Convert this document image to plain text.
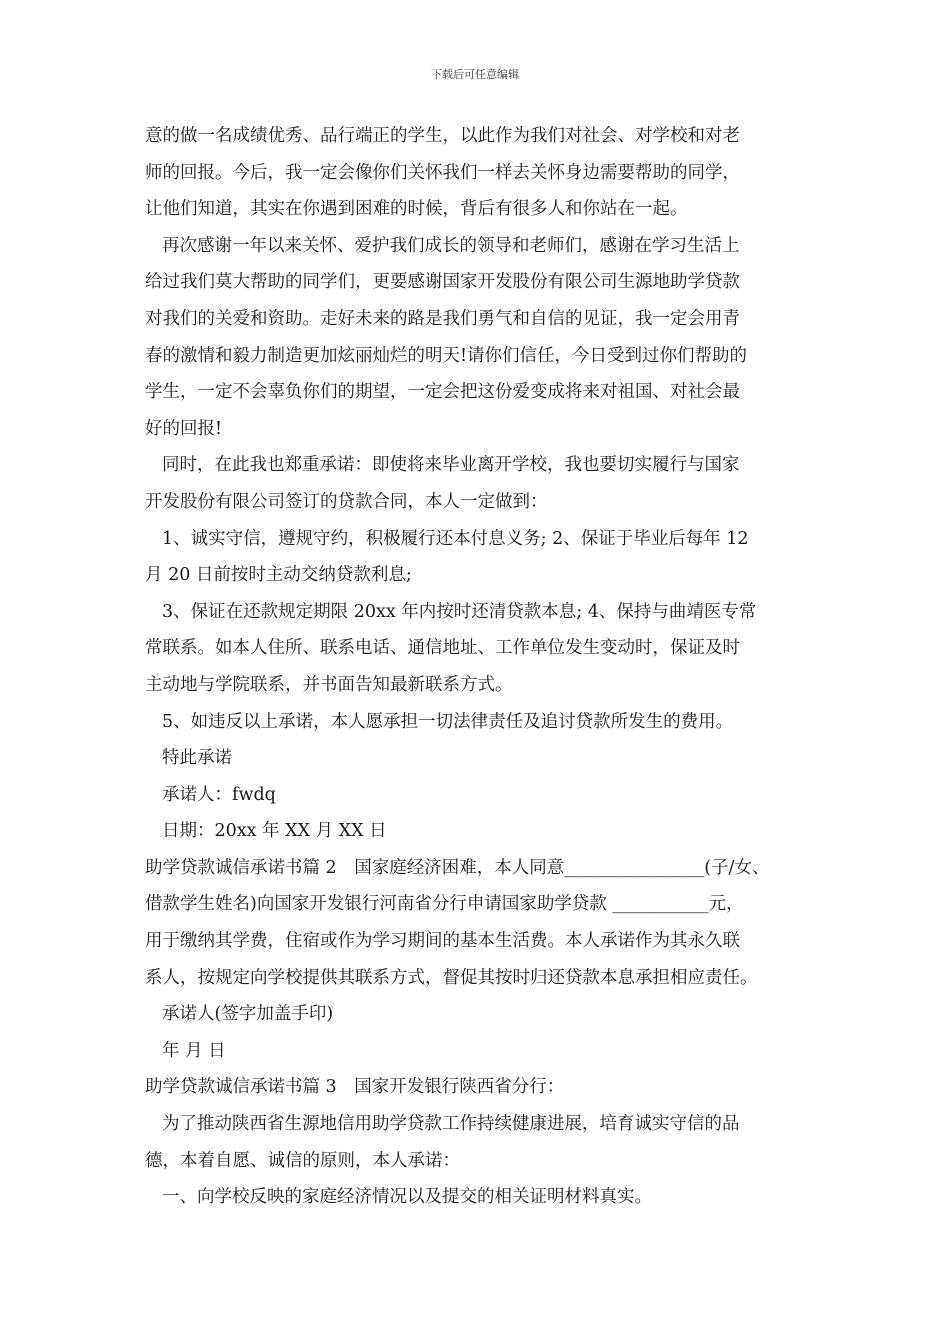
下载后可任意编辑
意的做一名成绩优秀、品行端正的学生，以此作为我们对社会、对学校和对老
师的回报。今后，我一定会像你们关怀我们一样去关怀身边需要帮助的同学，
让他们知道，其实在你遇到困难的时候，背后有很多人和你站在一起。
再次感谢一年以来关怀、爱护我们成长的领导和老师们，感谢在学习生活上
给过我们莫大帮助的同学们，更要感谢国家开发股份有限公司生源地助学贷款
对我们的关爱和资助。走好未来的路是我们勇气和自信的见证，我一定会用青
春的激情和毅力制造更加炫丽灿烂的明天!请你们信任，今日受到过你们帮助的
学生，一定不会辜负你们的期望，一定会把这份爱变成将来对祖国、对社会最
好的回报!
同时，在此我也郑重承诺：即使将来毕业离开学校，我也要切实履行与国家
开发股份有限公司签订的贷款合同，本人一定做到：
1、诚实守信，遵规守约，积极履行还本付息义务; 2、保证于毕业后每年 12
月 20 日前按时主动交纳贷款利息;
3、保证在还款规定期限 20xx 年内按时还清贷款本息; 4、保持与曲靖医专常
常联系。如本人住所、联系电话、通信地址、工作单位发生变动时，保证及时
主动地与学院联系，并书面告知最新联系方式。
5、如违反以上承诺，本人愿承担一切法律责任及追讨贷款所发生的费用。
特此承诺
承诺人：fwdq
日期：20xx 年 XX 月 XX 日
助学贷款诚信承诺书篇 2　国家庭经济困难，本人同意________________(子/女、
借款学生姓名)向国家开发银行河南省分行申请国家助学贷款 ___________元，
用于缴纳其学费，住宿或作为学习期间的基本生活费。本人承诺作为其永久联
系人，按规定向学校提供其联系方式，督促其按时归还贷款本息承担相应责任。
承诺人(签字加盖手印)
年 月 日
助学贷款诚信承诺书篇 3　国家开发银行陕西省分行：
为了推动陕西省生源地信用助学贷款工作持续健康进展，培育诚实守信的品
德，本着自愿、诚信的原则，本人承诺：
一、向学校反映的家庭经济情况以及提交的相关证明材料真实。
